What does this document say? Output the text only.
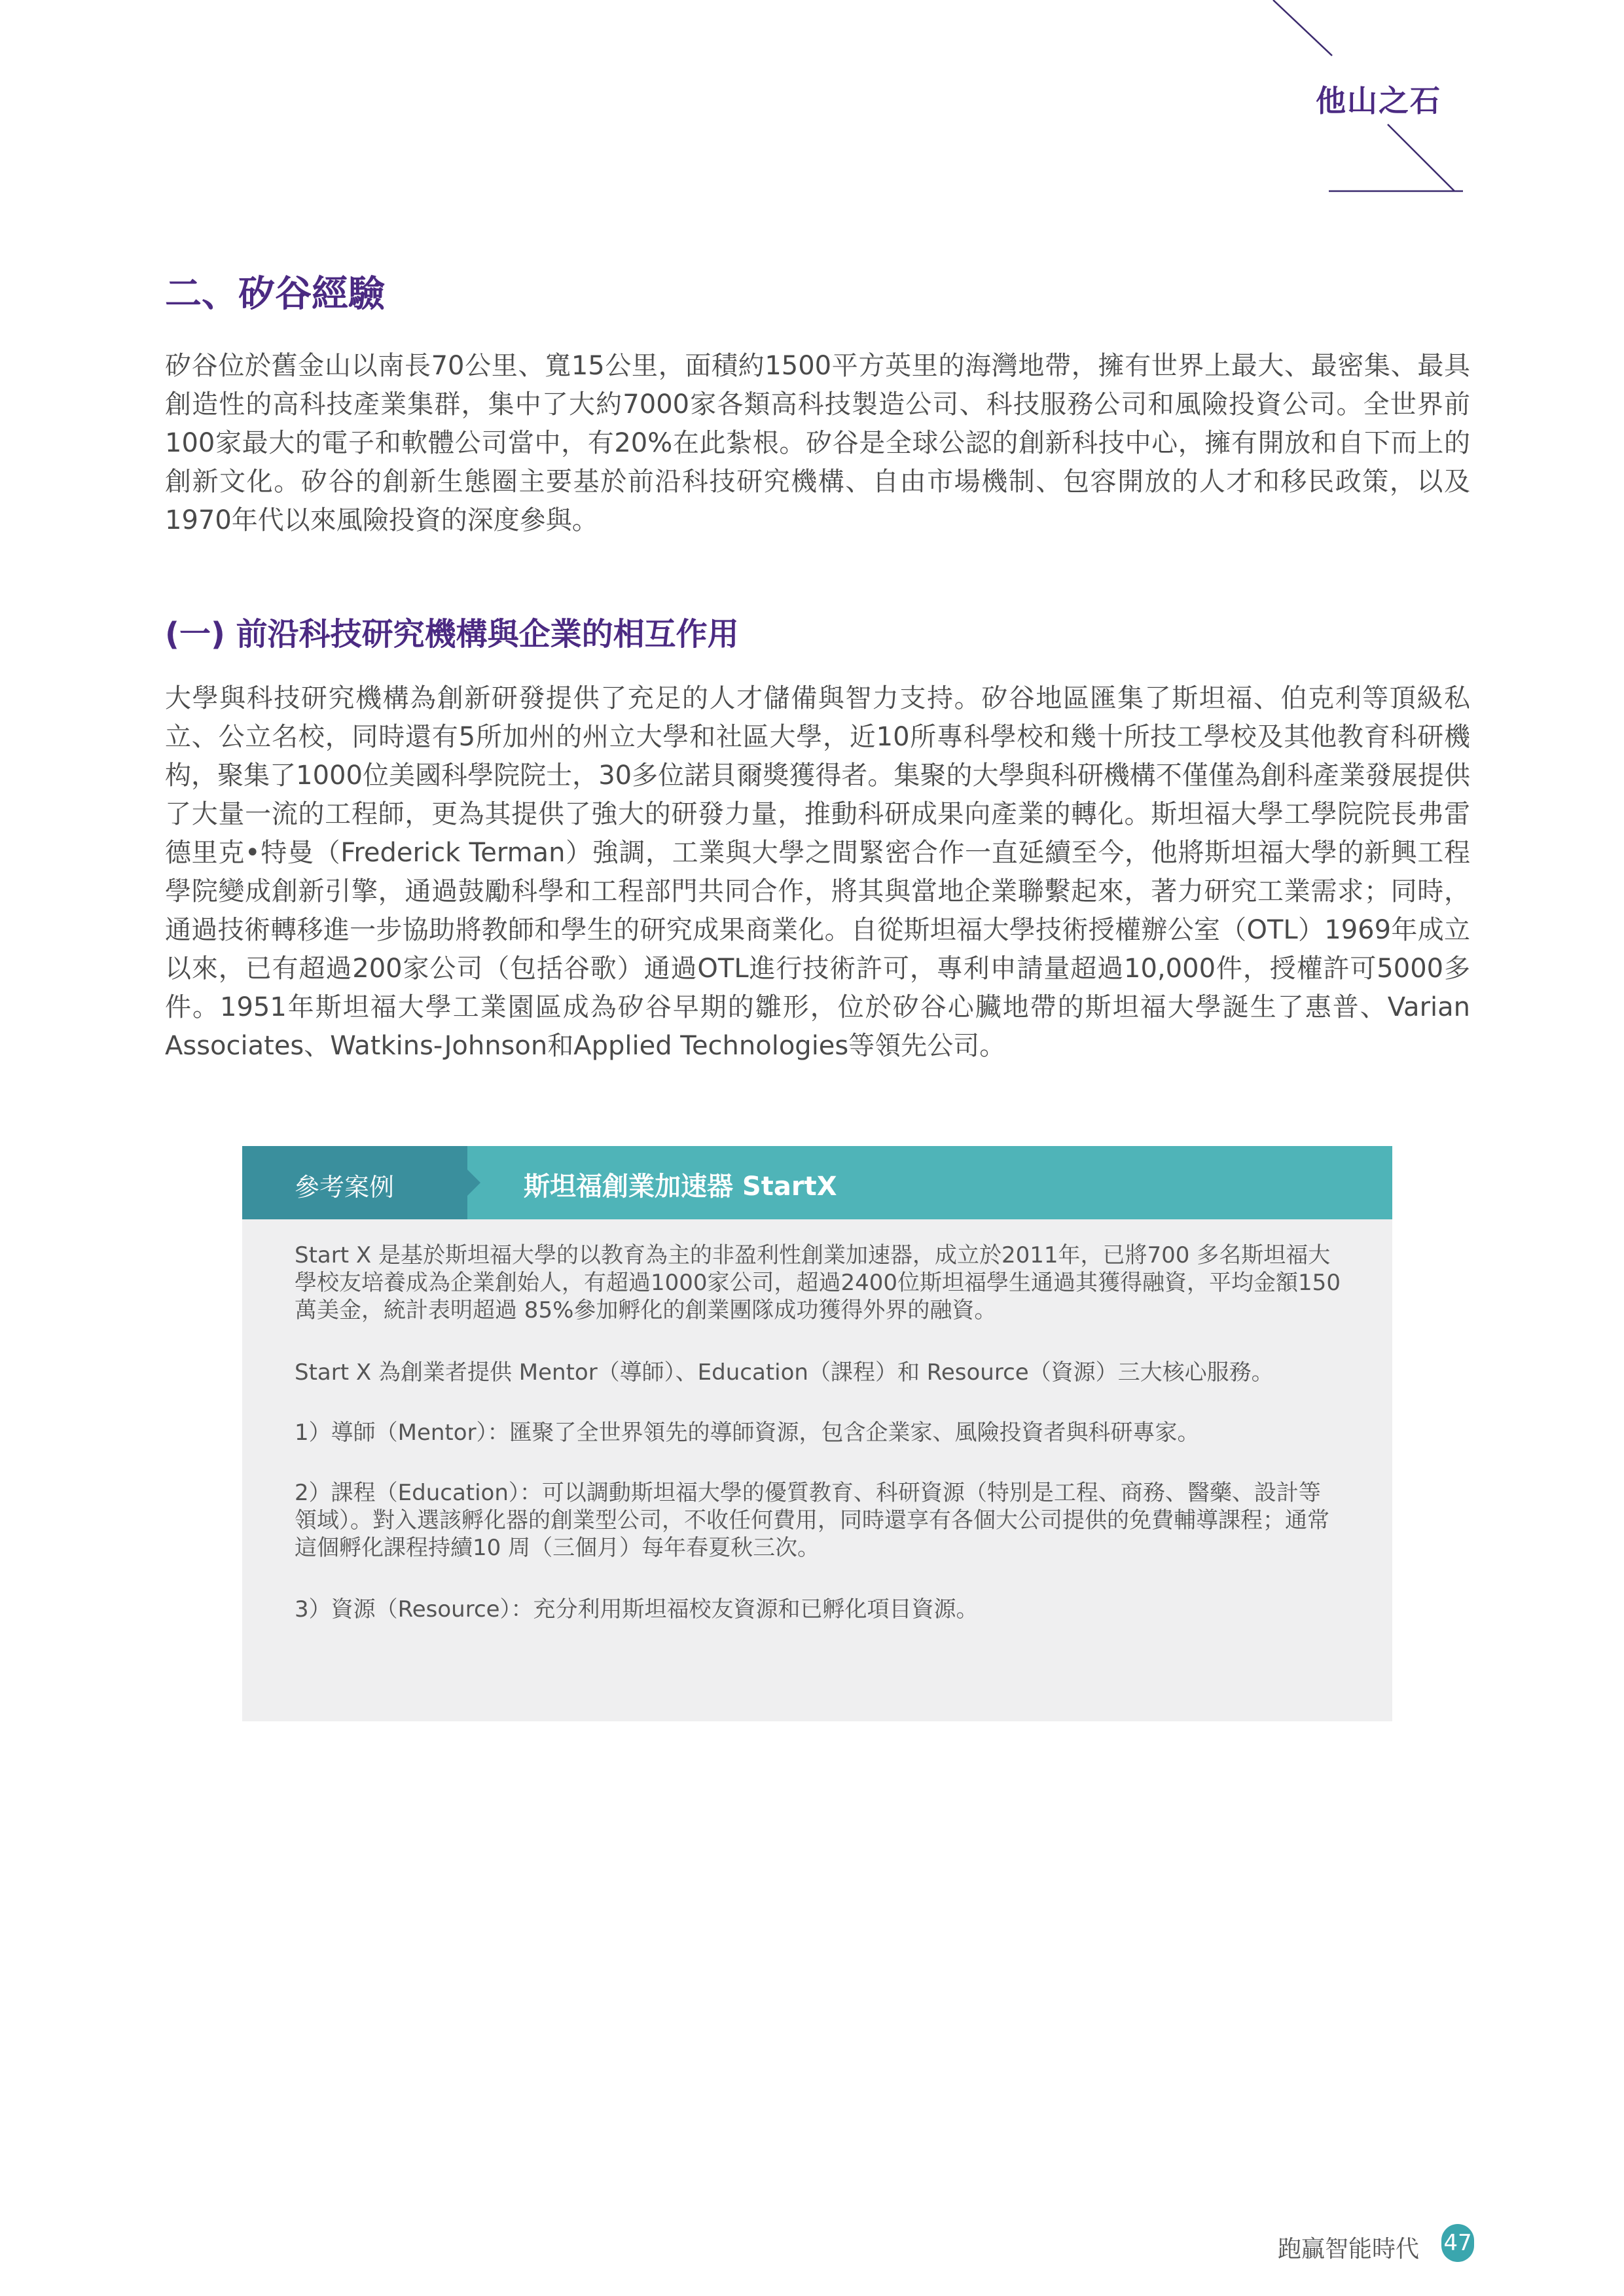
他山之石
二、矽谷經驗

矽谷位於舊金山以南長70公里、寬15公里，面積約1500平方英里的海灣地帶，擁有世界上最大、最密集、最具創造性的高科技產業集群，集中了大約7000家各類高科技製造公司、科技服務公司和風險投資公司。全世界前100家最大的電子和軟體公司當中，有20%在此紮根。矽谷是全球公認的創新科技中心，擁有開放和自下而上的創新文化。矽谷的創新生態圈主要基於前沿科技研究機構、自由市場機制、包容開放的人才和移民政策，以及1970年代以來風險投資的深度參與。

(一) 前沿科技研究機構與企業的相互作用

大學與科技研究機構為創新研發提供了充足的人才儲備與智力支持。矽谷地區匯集了斯坦福、伯克利等頂級私立、公立名校，同時還有5所加州的州立大學和社區大學，近10所專科學校和幾十所技工學校及其他教育科研機构，聚集了1000位美國科學院院士，30多位諾貝爾獎獲得者。集聚的大學與科研機構不僅僅為創科產業發展提供了大量一流的工程師，更為其提供了強大的研發力量，推動科研成果向產業的轉化。斯坦福大學工學院院長弗雷德里克•特曼（Frederick Terman）強調，工業與大學之間緊密合作一直延續至今，他將斯坦福大學的新興工程學院變成創新引擎，通過鼓勵科學和工程部門共同合作，將其與當地企業聯繫起來，著力研究工業需求；同時，通過技術轉移進一步協助將教師和學生的研究成果商業化。自從斯坦福大學技術授權辦公室（OTL）1969年成立以來，已有超過200家公司（包括谷歌）通過OTL進行技術許可，專利申請量超過10,000件，授權許可5000多件。1951年斯坦福大學工業園區成為矽谷早期的雛形，位於矽谷心臟地帶的斯坦福大學誕生了惠普、Varian Associates、Watkins-Johnson和Applied Technologies等領先公司。

參考案例	斯坦福創業加速器 StartX

Start X 是基於斯坦福大學的以教育為主的非盈利性創業加速器，成立於2011年，已將700 多名斯坦福大學校友培養成為企業創始人，有超過1000家公司，超過2400位斯坦福學生通過其獲得融資，平均金額150 萬美金，統計表明超過 85%參加孵化的創業團隊成功獲得外界的融資。

Start X 為創業者提供 Mentor（導師）、Education（課程）和 Resource（資源）三大核心服務。

1）導師（Mentor）：匯聚了全世界領先的導師資源，包含企業家、風險投資者與科研專家。

2）課程（Education）：可以調動斯坦福大學的優質教育、科研資源（特別是工程、商務、醫藥、設計等領域）。對入選該孵化器的創業型公司，不收任何費用，同時還享有各個大公司提供的免費輔導課程；通常這個孵化課程持續10 周（三個月）每年春夏秋三次。

3）資源（Resource）：充分利用斯坦福校友資源和已孵化項目資源。

跑贏智能時代 47
